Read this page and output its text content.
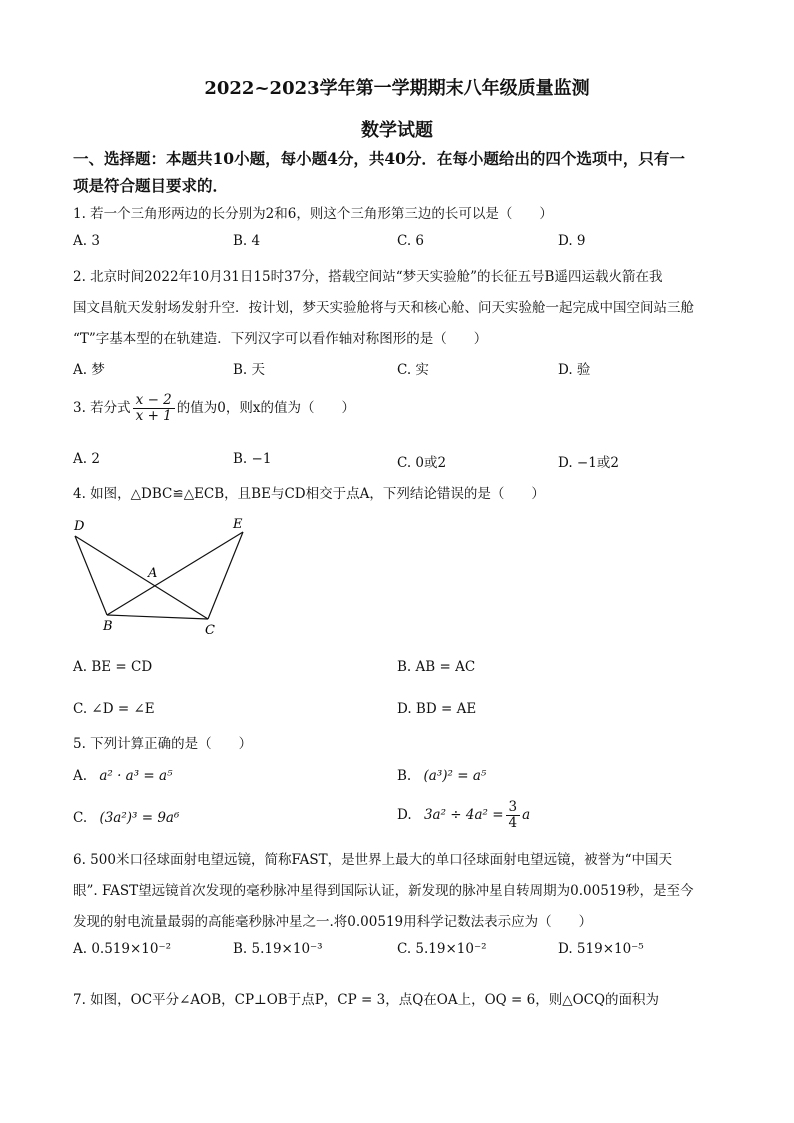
2022~2023学年第一学期期末八年级质量监测
数学试题
一、选择题：本题共10小题，每小题4分，共40分．在每小题给出的四个选项中，只有一
项是符合题目要求的．
1. 若一个三角形两边的长分别为2和6，则这个三角形第三边的长可以是（　　）
A. 3	B. 4	C. 6	D. 9
2. 北京时间2022年10月31日15时37分，搭载空间站“梦天实验舱”的长征五号B遥四运载火箭在我
国文昌航天发射场发射升空．按计划，梦天实验舱将与天和核心舱、问天实验舱一起完成中国空间站三舱
“T”字基本型的在轨建造．下列汉字可以看作轴对称图形的是（　　）
A. 梦	B. 天	C. 实	D. 验
3. 若分式 $\frac{x - 2}{x + 1}$ 的值为0，则x的值为（　　）
A. 2	B. −1	C. 0或2	D. −1或2
4. 如图，△DBC≌△ECB，且BE与CD相交于点A，下列结论错误的是（　　）
D	E
A
B	C
A. BE = CD	B. AB = AC
C. ∠D = ∠E	D. BD = AE
5. 下列计算正确的是（　　）
A. a² · a³ = a⁵	B. (a³)² = a⁵
C. (3a²)³ = 9a⁶	D. $3a^2 \div 4a^2 = \frac{3}{4}$ a
6. 500米口径球面射电望远镜，简称FAST，是世界上最大的单口径球面射电望远镜，被誉为“中国天
眼”. FAST望远镜首次发现的毫秒脉冲星得到国际认证，新发现的脉冲星自转周期为0.00519秒，是至今
发现的射电流量最弱的高能毫秒脉冲星之一.将0.00519用科学记数法表示应为（　　）
A. 0.519×10⁻²	B. 5.19×10⁻³	C. 5.19×10⁻²	D. 519×10⁻⁵
7. 如图，OC平分∠AOB，CP⊥OB于点P，CP = 3，点Q在OA上，OQ = 6，则△OCQ的面积为
